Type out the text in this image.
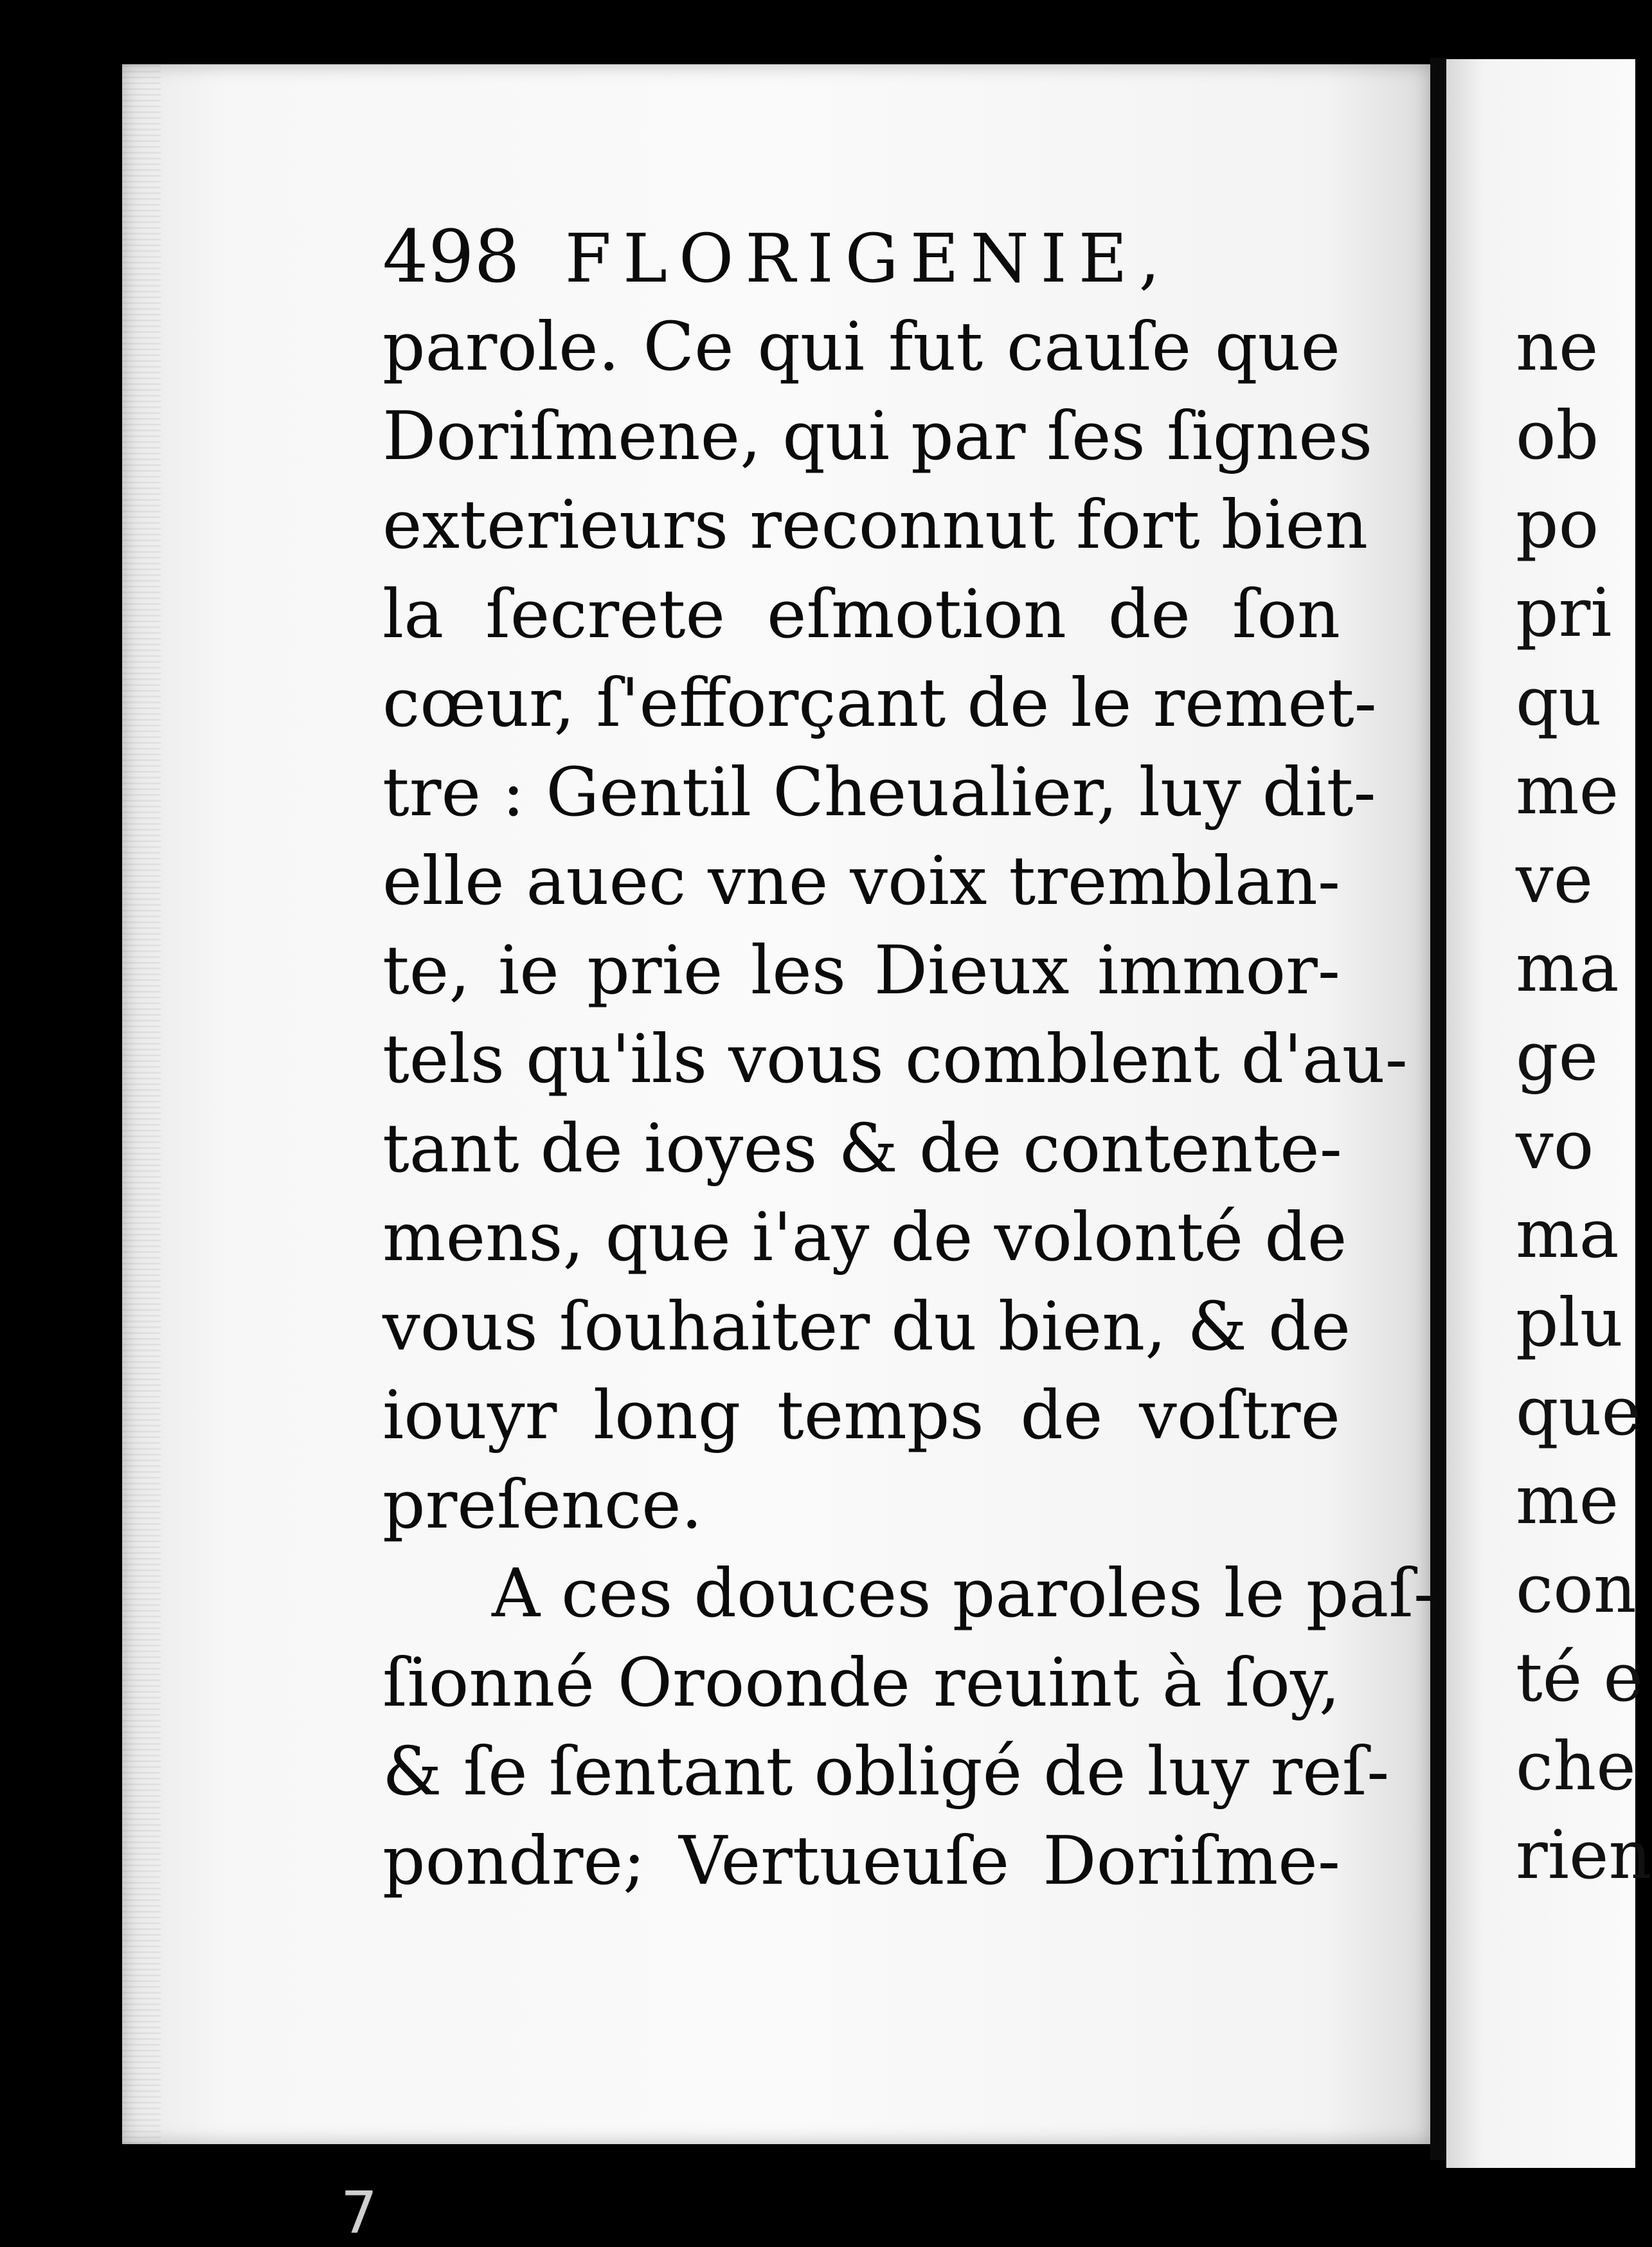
498 FLORIGENIE,
parole. Ce qui fut cauſe que
Doriſmene, qui par ſes ſignes
exterieurs reconnut fort bien
la ſecrete eſmotion de ſon
cœur, ſ'efforçant de le remet-
tre : Gentil Cheualier, luy dit-
elle auec vne voix tremblan-
te, ie prie les Dieux immor-
tels qu'ils vous comblent d'au-
tant de ioyes & de contente-
mens, que i'ay de volonté de
vous ſouhaiter du bien, & de
iouyr long temps de voſtre
preſence.
A ces douces paroles le paſ-
ſionné Oroonde reuint à ſoy,
& ſe ſentant obligé de luy reſ-
pondre; Vertueuſe Doriſme-
ne
ob
po
pri
qu
me
ve
ma
ge
vo
ma
plu
que
me
con
té e
che
rien
7
